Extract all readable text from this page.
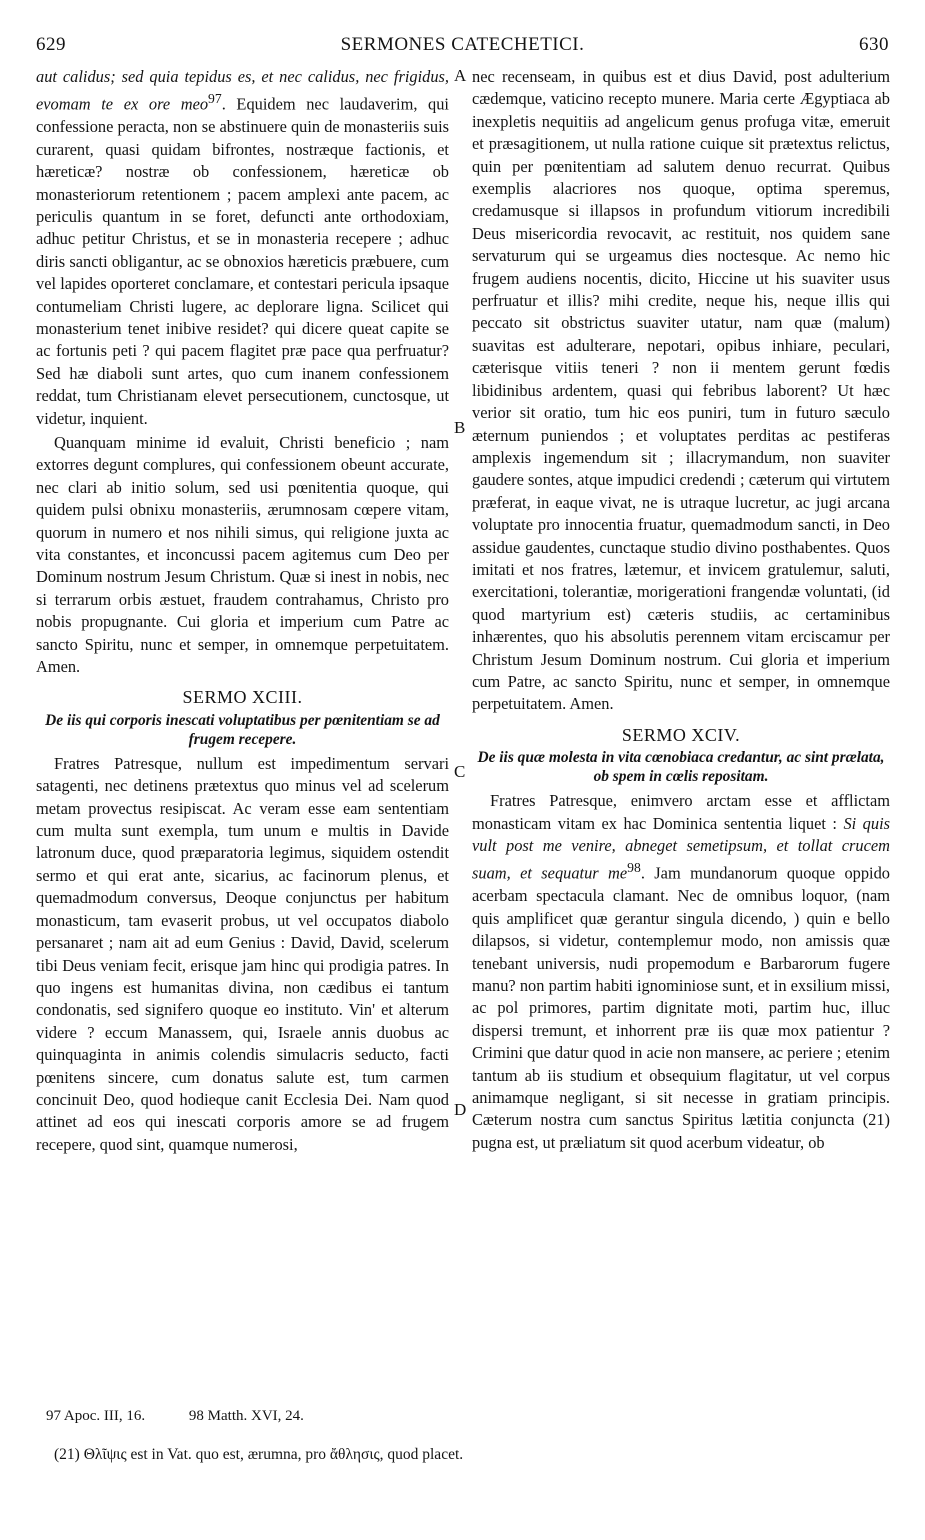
629	SERMONES CATECHETICI.	630

aut calidus; sed quia tepidus es, et nec calidus, nec frigidus, evomam te ex ore meo$^{97}$. Equidem nec laudaverim, qui confessione peracta, non se abstinuere quin de monasteriis suis curarent, quasi quidam bifrontes, nostræque factionis, et hæreticæ? nostræ ob confessionem, hæreticæ ob monasteriorum retentionem ; pacem amplexi ante pacem, ac periculis quantum in se foret, defuncti ante orthodoxiam, adhuc petitur Christus, et se in monasteria recepere ; adhuc diris sancti obligantur, ac se obnoxios hæreticis præbuere, cum vel lapides oporteret conclamare, et contestari pericula ipsaque contumeliam Christi lugere, ac deplorare ligna. Scilicet qui monasterium tenet inibive residet? qui dicere queat capite se ac fortunis peti ? qui pacem flagitet præ pace qua perfruatur? Sed hæ diaboli sunt artes, quo cum inanem confessionem reddat, tum Christianam elevet persecutionem, cunctosque, ut videtur, inquient.

Quanquam minime id evaluit, Christi beneficio ; nam extorres degunt complures, qui confessionem obeunt accurate, nec clari ab initio solum, sed usi pœnitentia quoque, qui quidem pulsi obnixu monasteriis, ærumnosam cœpere vitam, quorum in numero et nos nihili simus, qui religione juxta ac vita constantes, et inconcussi pacem agitemus cum Deo per Dominum nostrum Jesum Christum. Quæ si inest in nobis, nec si terrarum orbis æstuet, fraudem contrahamus, Christo pro nobis propugnante. Cui gloria et imperium cum Patre ac sancto Spiritu, nunc et semper, in omnemque perpetuitatem. Amen.

SERMO XCIII.
De iis qui corporis inescati voluptatibus per pœnitentiam se ad frugem recepere.

Fratres Patresque, nullum est impedimentum servari satagenti, nec detinens prætextus quo minus vel ad scelerum metam provectus resipiscat. Ac veram esse eam sententiam cum multa sunt exempla, tum unum e multis in Davide latronum duce, quod præparatoria legimus, siquidem ostendit sermo et qui erat ante, sicarius, ac facinorum plenus, et quemadmodum conversus, Deoque conjunctus per habitum monasticum, tam evaserit probus, ut vel occupatos diabolo persanaret ; nam ait ad eum Genius : David, David, scelerum tibi Deus veniam fecit, erisque jam hinc qui prodigia patres. In quo ingens est humanitas divina, non cædibus ei tantum condonatis, sed signifero quoque eo instituto. Vin' et alterum videre ? eccum Manassem, qui, Israele annis duobus ac quinquaginta in animis colendis simulacris seducto, facti pœnitens sincere, cum donatus salute est, tum carmen concinuit Deo, quod hodieque canit Ecclesia Dei. Nam quod attinet ad eos qui inescati corporis amore se ad frugem recepere, quod sint, quamque numerosi,

A
B
C
D

nec recenseam, in quibus est et dius David, post adulterium cædemque, vaticino recepto munere. Maria certe Ægyptiaca ab inexpletis nequitiis ad angelicum genus profuga vitæ, emeruit et præsagitionem, ut nulla ratione cuique sit prætextus relictus, quin per pœnitentiam ad salutem denuo recurrat. Quibus exemplis alacriores nos quoque, optima speremus, credamusque si illapsos in profundum vitiorum incredibili Deus misericordia revocavit, ac restituit, nos quidem sane servaturum qui se urgeamus dies noctesque. Ac nemo hic frugem audiens nocentis, dicito, Hiccine ut his suaviter usus perfruatur et illis? mihi credite, neque his, neque illis qui peccato sit obstrictus suaviter utatur, nam quæ (malum) suavitas est adulterare, nepotari, opibus inhiare, peculari, cæterisque vitiis teneri ? non ii mentem gerunt fœdis libidinibus ardentem, quasi qui febribus laborent? Ut hæc verior sit oratio, tum hic eos puniri, tum in futuro sæculo æternum puniendos ; et voluptates perditas ac pestiferas amplexis ingemendum sit ; illacrymandum, non suaviter gaudere sontes, atque impudici credendi ; cæterum qui virtutem præferat, in eaque vivat, ne is utraque lucretur, ac jugi arcana voluptate pro innocentia fruatur, quemadmodum sancti, in Deo assidue gaudentes, cunctaque studio divino posthabentes. Quos imitati et nos fratres, lætemur, et invicem gratulemur, saluti, exercitationi, tolerantiæ, morigerationi frangendæ voluntati, (id quod martyrium est) cæteris studiis, ac certaminibus inhærentes, quo his absolutis perennem vitam erciscamur per Christum Jesum Dominum nostrum. Cui gloria et imperium cum Patre, ac sancto Spiritu, nunc et semper, in omnemque perpetuitatem. Amen.

SERMO XCIV.
De iis quæ molesta in vita cœnobiaca credantur, ac sint prælata, ob spem in cœlis repositam.

Fratres Patresque, enimvero arctam esse et afflictam monasticam vitam ex hac Dominica sententia liquet : Si quis vult post me venire, abneget semetipsum, et tollat crucem suam, et sequatur $me^{98}$. Jam mundanorum quoque oppido acerbam spectacula clamant. Nec de omnibus loquor, (nam quis amplificet quæ gerantur singula dicendo, ) quin e bello dilapsos, si videtur, contemplemur modo, non amissis quæ tenebant universis, nudi propemodum e Barbarorum fugere manu? non partim habiti ignominiose sunt, et in exsilium missi, ac pol primores, partim dignitate moti, partim huc, illuc dispersi tremunt, et inhorrent præ iis quæ mox patientur ? Crimini que datur quod in acie non mansere, ac periere ; etenim tantum ab iis studium et obsequium flagitatur, ut vel corpus animamque negligant, si sit necesse in gratiam principis. Cæterum nostra cum sanctus Spiritus lætitia conjuncta (21) pugna est, ut præliatum sit quod acerbum videatur, ob

97 Apoc. III, 16.	98 Matth. XVI, 24.
(21) Θλῖψις est in Vat. quo est, ærumna, pro ἄθλησις, quod placet.
